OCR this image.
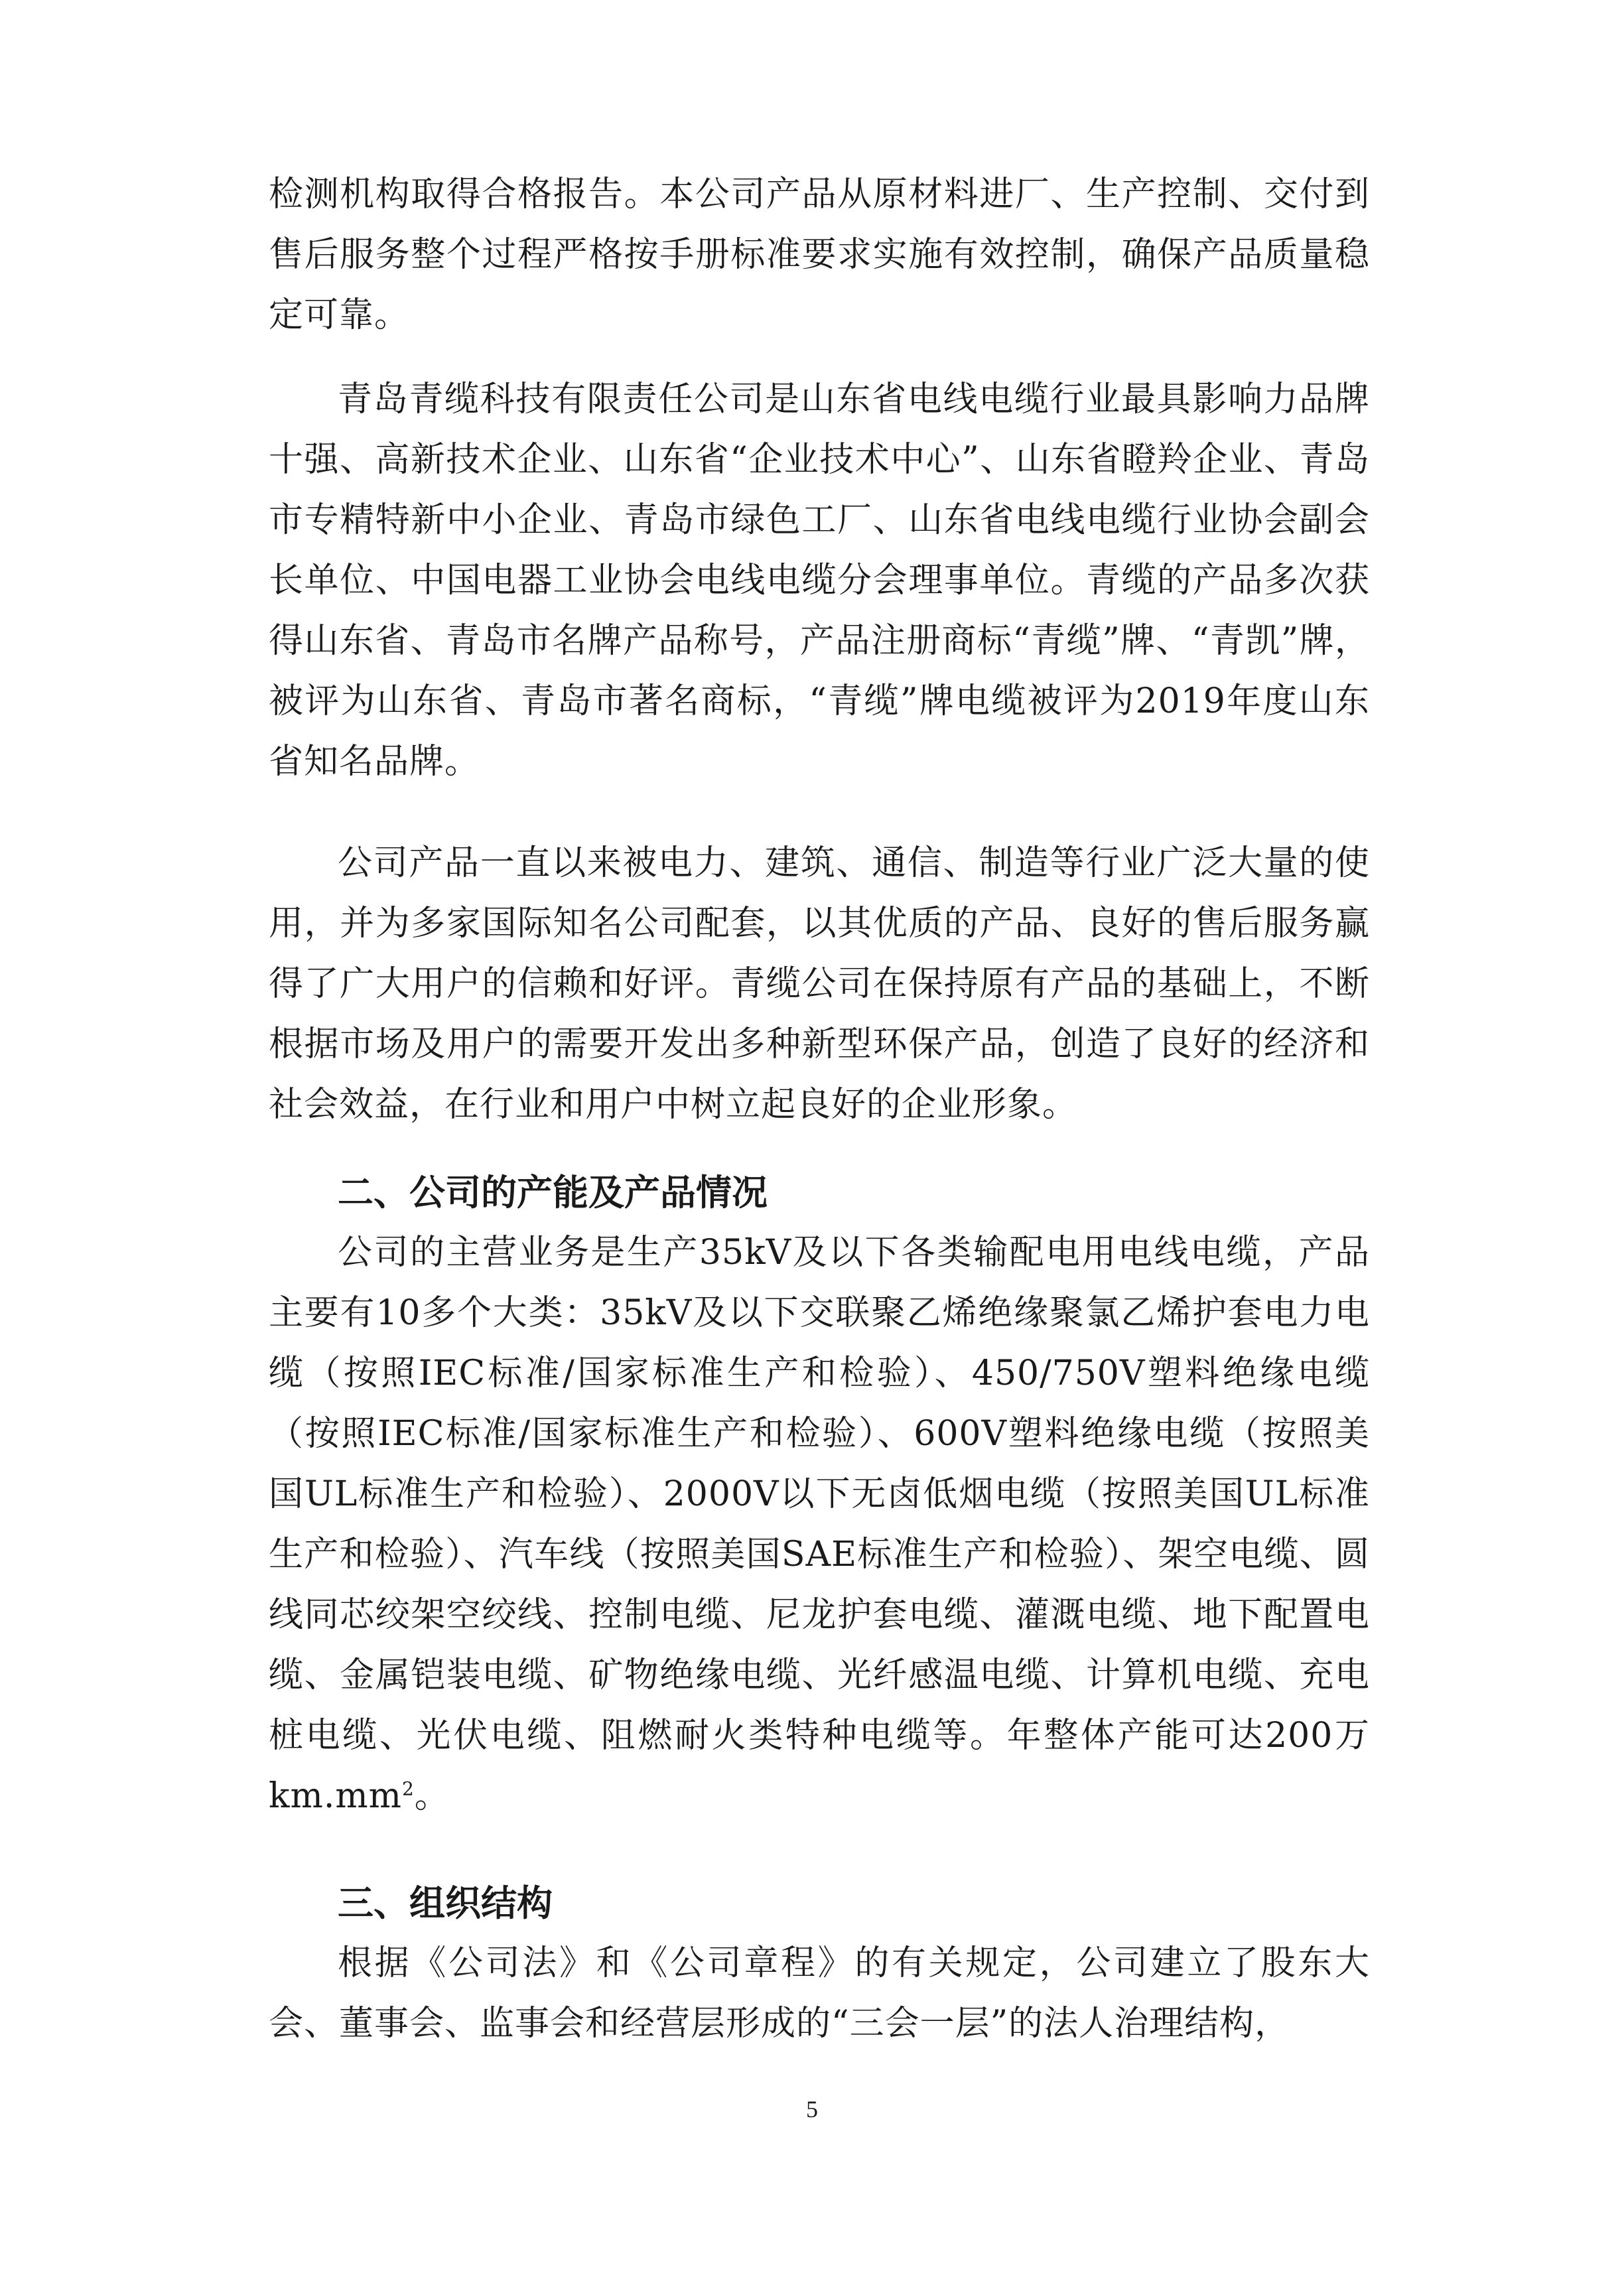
检测机构取得合格报告。本公司产品从原材料进厂、生产控制、交付到售后服务整个过程严格按手册标准要求实施有效控制，确保产品质量稳定可靠。

青岛青缆科技有限责任公司是山东省电线电缆行业最具影响力品牌十强、高新技术企业、山东省“企业技术中心”、山东省瞪羚企业、青岛市专精特新中小企业、青岛市绿色工厂、山东省电线电缆行业协会副会长单位、中国电器工业协会电线电缆分会理事单位。青缆的产品多次获得山东省、青岛市名牌产品称号，产品注册商标“青缆”牌、“青凯”牌，被评为山东省、青岛市著名商标，“青缆”牌电缆被评为2019年度山东省知名品牌。

公司产品一直以来被电力、建筑、通信、制造等行业广泛大量的使用，并为多家国际知名公司配套，以其优质的产品、良好的售后服务赢得了广大用户的信赖和好评。青缆公司在保持原有产品的基础上，不断根据市场及用户的需要开发出多种新型环保产品，创造了良好的经济和社会效益，在行业和用户中树立起良好的企业形象。

二、公司的产能及产品情况

公司的主营业务是生产35kV及以下各类输配电用电线电缆，产品主要有10多个大类：35kV及以下交联聚乙烯绝缘聚氯乙烯护套电力电缆（按照IEC标准/国家标准生产和检验）、450/750V塑料绝缘电缆（按照IEC标准/国家标准生产和检验）、600V塑料绝缘电缆（按照美国UL标准生产和检验）、2000V以下无卤低烟电缆（按照美国UL标准生产和检验）、汽车线（按照美国SAE标准生产和检验）、架空电缆、圆线同芯绞架空绞线、控制电缆、尼龙护套电缆、灌溉电缆、地下配置电缆、金属铠装电缆、矿物绝缘电缆、光纤感温电缆、计算机电缆、充电桩电缆、光伏电缆、阻燃耐火类特种电缆等。年整体产能可达200万$km.mm^2$。

三、组织结构

根据《公司法》和《公司章程》的有关规定，公司建立了股东大会、董事会、监事会和经营层形成的“三会一层”的法人治理结构，

5
